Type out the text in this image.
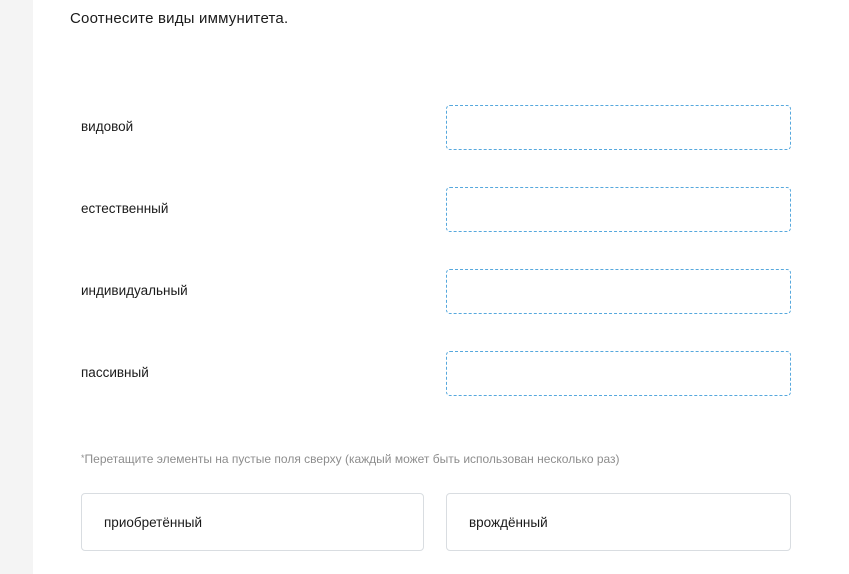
Соотнесите виды иммунитета.
видовой
естественный
индивидуальный
пассивный
*Перетащите элементы на пустые поля сверху (каждый может быть использован несколько раз)
приобретённый	врождённый
